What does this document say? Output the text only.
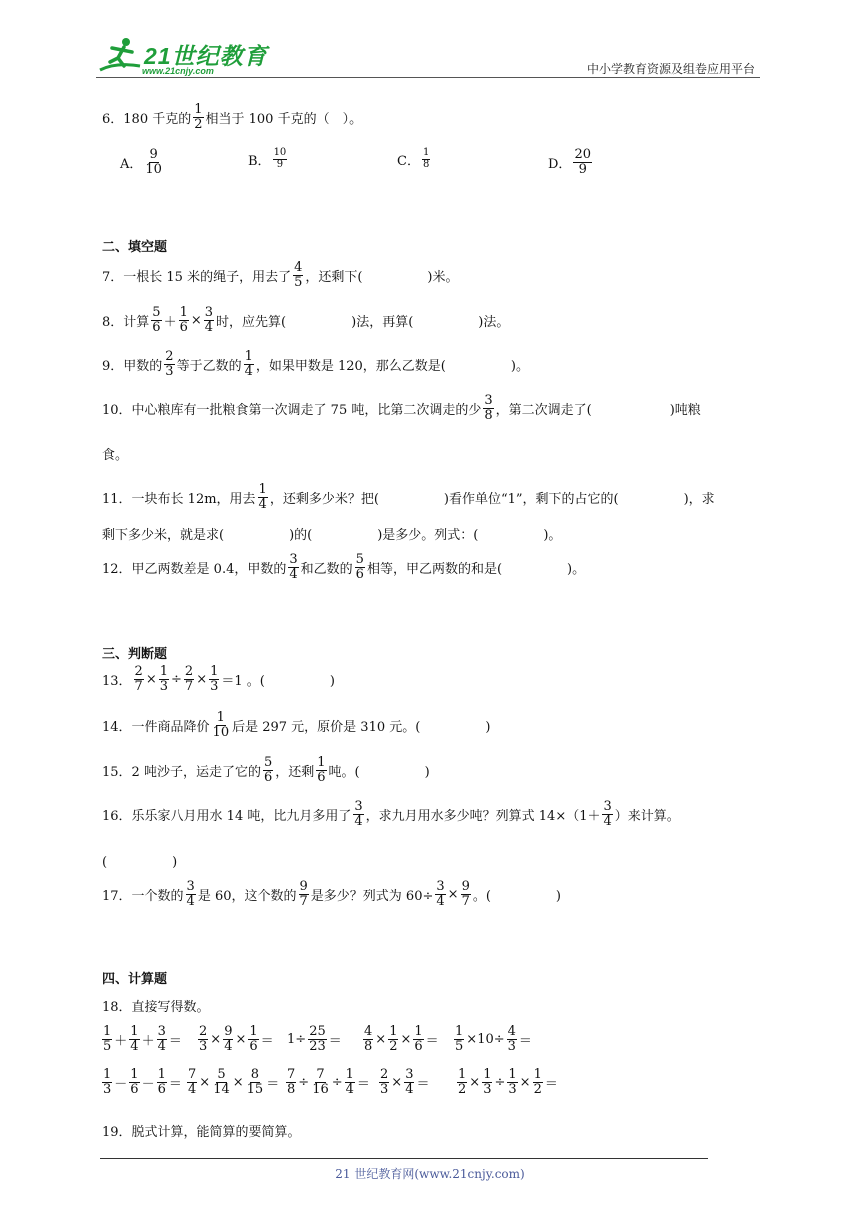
21世纪教育
www.21cnjy.com	中小学教育资源及组卷应用平台
6．180 千克的 $\frac{1}{2}$ 相当于 100 千克的（　）。
A． $\frac{9}{10}$	B． $\frac{10}{9}$	C． $\frac{1}{8}$	D． $\frac{20}{9}$
二、填空题
7．一根长 15 米的绳子，用去了 $\frac{4}{5}$ ，还剩下(　　　　　)米。
8．计算 $\frac{5}{6} + \frac{1}{6} \times \frac{3}{4}$ 时，应先算(　　　　　)法，再算(　　　　　)法。
9．甲数的 $\frac{2}{3}$ 等于乙数的 $\frac{1}{4}$ ，如果甲数是 120，那么乙数是(　　　　　)。
10．中心粮库有一批粮食第一次调走了 75 吨，比第二次调走的少 $\frac{3}{8}$ ，第二次调走了(　　　　　　)吨粮
食。
11．一块布长 12m，用去 $\frac{1}{4}$ ，还剩多少米？把(　　　　　)看作单位“1”，剩下的占它的(　　　　　)，求
剩下多少米，就是求(　　　　　)的(　　　　　)是多少。列式：(　　　　　)。
12．甲乙两数差是 0.4，甲数的 $\frac{3}{4}$ 和乙数的 $\frac{5}{6}$ 相等，甲乙两数的和是(　　　　　)。
三、判断题
13． $\frac{2}{7} \times \frac{1}{3} \div \frac{2}{7} \times \frac{1}{3} =1$ 。(　　　　　)
14．一件商品降价 $\frac{1}{10}$ 后是 297 元，原价是 310 元。(　　　　　)
15．2 吨沙子，运走了它的 $\frac{5}{6}$ ，还剩 $\frac{1}{6}$ 吨。(　　　　　)
16．乐乐家八月用水 14 吨，比九月多用了 $\frac{3}{4}$ ，求九月用水多少吨？列算式 $14\times(1+ \frac{3}{4}$ ）来计算。
(　　　　　)
17．一个数的 $\frac{3}{4}$ 是 60，这个数的 $\frac{9}{7}$ 是多少？列式为 $60\div \frac{3}{4} \times \frac{9}{7}$ 。(　　　　　)
四、计算题
18．直接写得数。
$\frac{1}{5} + \frac{1}{4} + \frac{3}{4} = \frac{2}{3} \times \frac{9}{4} \times \frac{1}{6} = 1 \div \frac{25}{23} = \frac{4}{8} \times \frac{1}{2} \times \frac{1}{6} = \frac{1}{5} \times 10 \div \frac{4}{3}$ ＝
$\frac{1}{3} - \frac{1}{6} - \frac{1}{6} = \frac{7}{4} \times \frac{5}{14} \times \frac{8}{15} = \frac{7}{8} \div \frac{7}{16} \div \frac{1}{4} = \frac{2}{3} \times \frac{3}{4} = \frac{1}{2} \times \frac{1}{3} \div \frac{1}{3} \times \frac{1}{2}$ ＝
19．脱式计算，能简算的要简算。
21 世纪教育网(www.21cnjy.com)
